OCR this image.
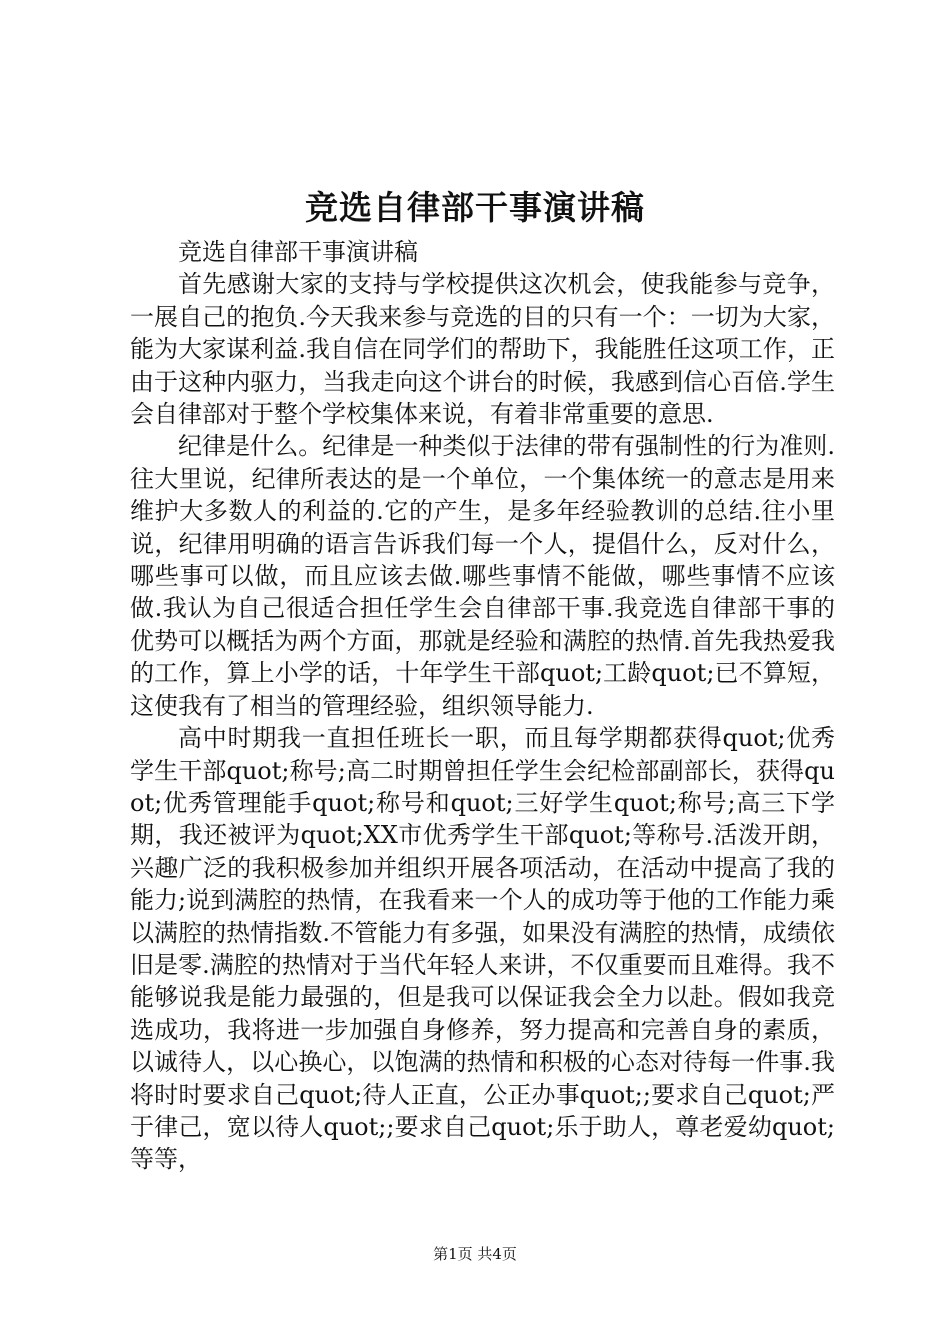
竞选自律部干事演讲稿

竞选自律部干事演讲稿

首先感谢大家的支持与学校提供这次机会，使我能参与竞争，一展自己的抱负.今天我来参与竞选的目的只有一个：一切为大家，能为大家谋利益.我自信在同学们的帮助下，我能胜任这项工作，正由于这种内驱力，当我走向这个讲台的时候，我感到信心百倍.学生会自律部对于整个学校集体来说，有着非常重要的意思.

纪律是什么。纪律是一种类似于法律的带有强制性的行为准则.往大里说，纪律所表达的是一个单位，一个集体统一的意志是用来维护大多数人的利益的.它的产生，是多年经验教训的总结.往小里说，纪律用明确的语言告诉我们每一个人，提倡什么，反对什么，哪些事可以做，而且应该去做.哪些事情不能做，哪些事情不应该做.我认为自己很适合担任学生会自律部干事.我竞选自律部干事的优势可以概括为两个方面，那就是经验和满腔的热情.首先我热爱我的工作，算上小学的话，十年学生干部quot;工龄quot;已不算短，这使我有了相当的管理经验，组织领导能力.

高中时期我一直担任班长一职，而且每学期都获得quot;优秀学生干部quot;称号;高二时期曾担任学生会纪检部副部长，获得quot;优秀管理能手quot;称号和quot;三好学生quot;称号;高三下学期，我还被评为quot;XX市优秀学生干部quot;等称号.活泼开朗，兴趣广泛的我积极参加并组织开展各项活动，在活动中提高了我的能力;说到满腔的热情，在我看来一个人的成功等于他的工作能力乘以满腔的热情指数.不管能力有多强，如果没有满腔的热情，成绩依旧是零.满腔的热情对于当代年轻人来讲，不仅重要而且难得。我不能够说我是能力最强的，但是我可以保证我会全力以赴。假如我竞选成功，我将进一步加强自身修养，努力提高和完善自身的素质，以诚待人，以心换心，以饱满的热情和积极的心态对待每一件事.我将时时要求自己quot;待人正直，公正办事quot;;要求自己quot;严于律己，宽以待人quot;;要求自己quot;乐于助人，尊老爱幼quot;等等，

第1页 共4页
